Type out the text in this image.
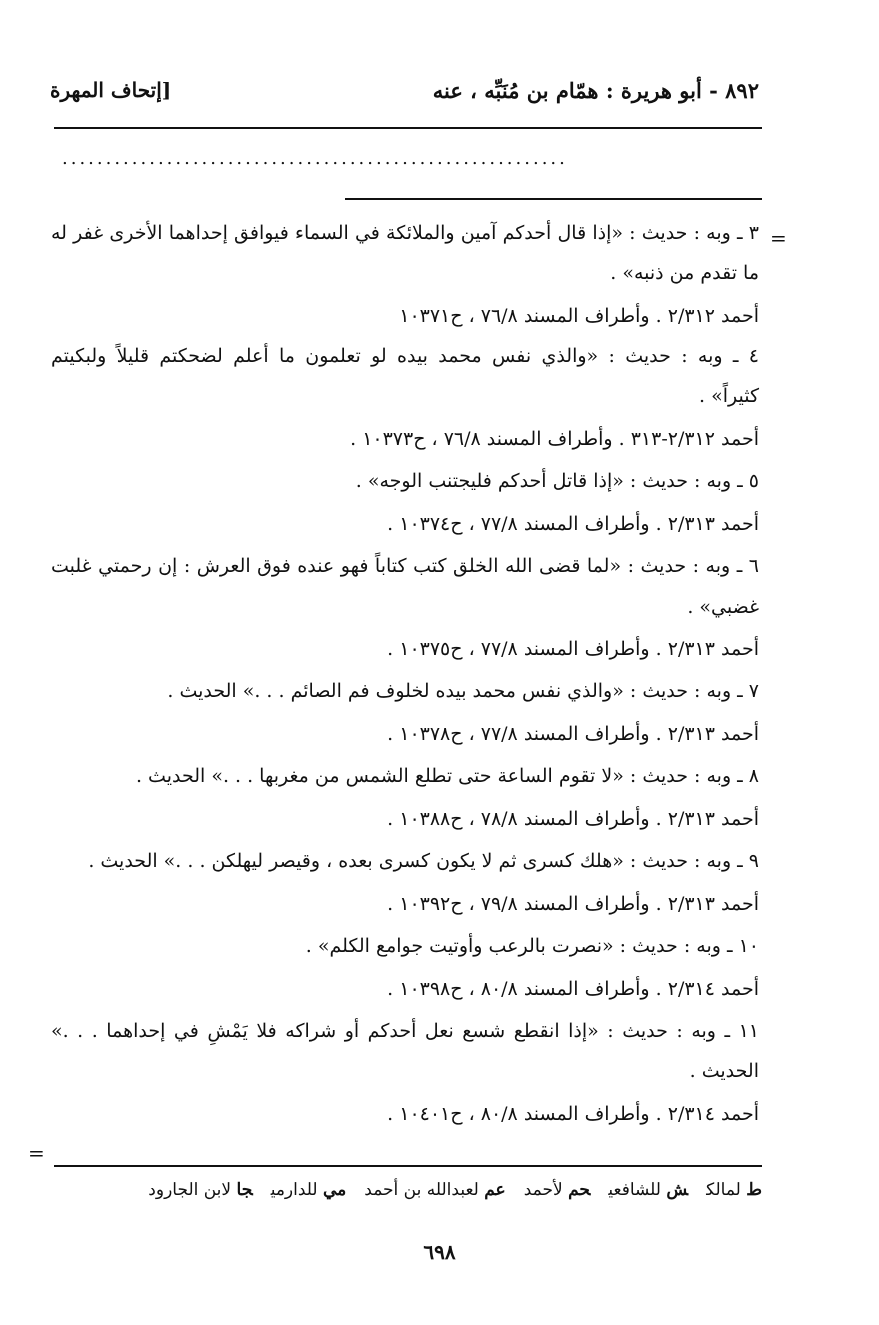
٨٩٢ - أبو هريرة : همّام بن مُنَبِّه ، عنه
[إتحاف المهرة
..........................................................
=
٣ ـ وبه : حديث : «إذا قال أحدكم آمين والملائكة في السماء فيوافق إحداهما الأخرى غفر له
ما تقدم من ذنبه» .
أحمد ٢/٣١٢ . وأطراف المسند ٧٦/٨ ، ح١٠٣٧١
٤ ـ وبه : حديث : «والذي نفس محمد بيده لو تعلمون ما أعلم لضحكتم قليلاً ولبكيتم
كثيراً» .
أحمد ٢/٣١٢-٣١٣ . وأطراف المسند ٧٦/٨ ، ح١٠٣٧٣ .
٥ ـ وبه : حديث : «إذا قاتل أحدكم فليجتنب الوجه» .
أحمد ٢/٣١٣ . وأطراف المسند ٧٧/٨ ، ح١٠٣٧٤ .
٦ ـ وبه : حديث : «لما قضى الله الخلق كتب كتاباً فهو عنده فوق العرش : إن رحمتي غلبت
غضبي» .
أحمد ٢/٣١٣ . وأطراف المسند ٧٧/٨ ، ح١٠٣٧٥ .
٧ ـ وبه : حديث : «والذي نفس محمد بيده لخلوف فم الصائم . . .» الحديث .
أحمد ٢/٣١٣ . وأطراف المسند ٧٧/٨ ، ح١٠٣٧٨ .
٨ ـ وبه : حديث : «لا تقوم الساعة حتى تطلع الشمس من مغربها . . .» الحديث .
أحمد ٢/٣١٣ . وأطراف المسند ٧٨/٨ ، ح١٠٣٨٨ .
٩ ـ وبه : حديث : «هلك كسرى ثم لا يكون كسرى بعده ، وقيصر ليهلكن . . .» الحديث .
أحمد ٢/٣١٣ . وأطراف المسند ٧٩/٨ ، ح١٠٣٩٢ .
١٠ ـ وبه : حديث : «نصرت بالرعب وأوتيت جوامع الكلم» .
أحمد ٢/٣١٤ . وأطراف المسند ٨٠/٨ ، ح١٠٣٩٨ .
١١ ـ وبه : حديث : «إذا انقطع شسع نعل أحدكم أو شراكه فلا يَمْشِ في إحداهما . . .»
الحديث .
أحمد ٢/٣١٤ . وأطراف المسند ٨٠/٨ ، ح١٠٤٠١ .
=
ط لمالكش للشافعيحم لأحمدعم لعبدالله بن أحمدمي للدارميجا لابن الجارود
٦٩٨
